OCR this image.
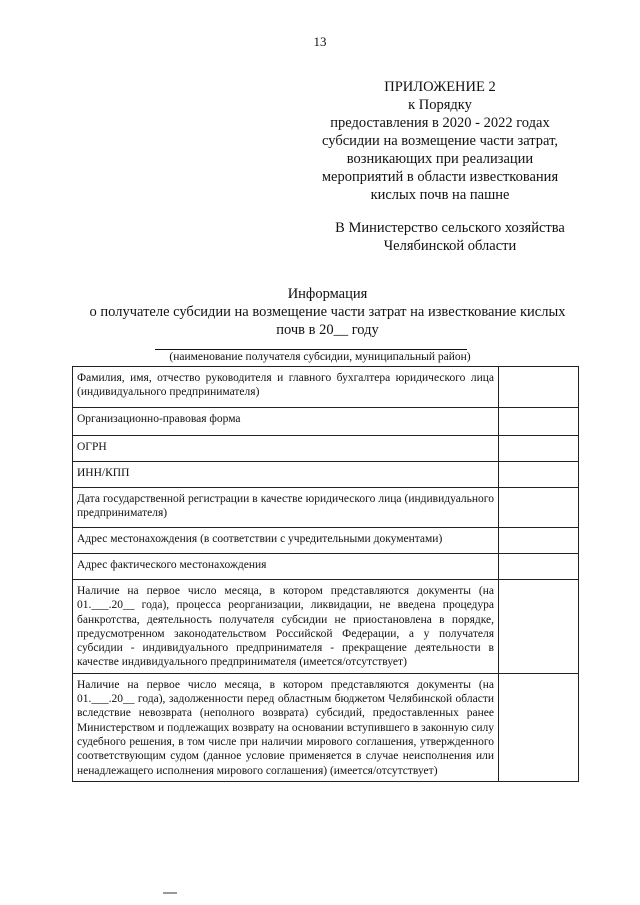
13
ПРИЛОЖЕНИЕ 2
к Порядку
предоставления в 2020 - 2022 годах
субсидии на возмещение части затрат,
возникающих при реализации
мероприятий в области известкования
кислых почв на пашне
В Министерство сельского хозяйства
Челябинской области
Информация
о получателе субсидии на возмещение части затрат на известкование кислых
почв в 20__ году
(наименование получателя субсидии, муниципальный район)
Фамилия, имя, отчество руководителя и главного бухгалтера юридического лица (индивидуального предпринимателя)	
Организационно-правовая форма	
ОГРН	
ИНН/КПП	
Дата государственной регистрации в качестве юридического лица (индивидуального предпринимателя)	
Адрес местонахождения (в соответствии с учредительными документами)	
Адрес фактического местонахождения	
Наличие на первое число месяца, в котором представляются документы (на 01.___.20__ года), процесса реорганизации, ликвидации, не введена процедура банкротства, деятельность получателя субсидии не приостановлена в порядке, предусмотренном законодательством Российской Федерации, а у получателя субсидии - индивидуального предпринимателя - прекращение деятельности в качестве индивидуального предпринимателя (имеется/отсутствует)	
Наличие на первое число месяца, в котором представляются документы (на 01.___.20__ года), задолженности перед областным бюджетом Челябинской области вследствие невозврата (неполного возврата) субсидий, предоставленных ранее Министерством и подлежащих возврату на основании вступившего в законную силу судебного решения, в том числе при наличии мирового соглашения, утвержденного соответствующим судом (данное условие применяется в случае неисполнения или ненадлежащего исполнения мирового соглашения) (имеется/отсутствует)	
